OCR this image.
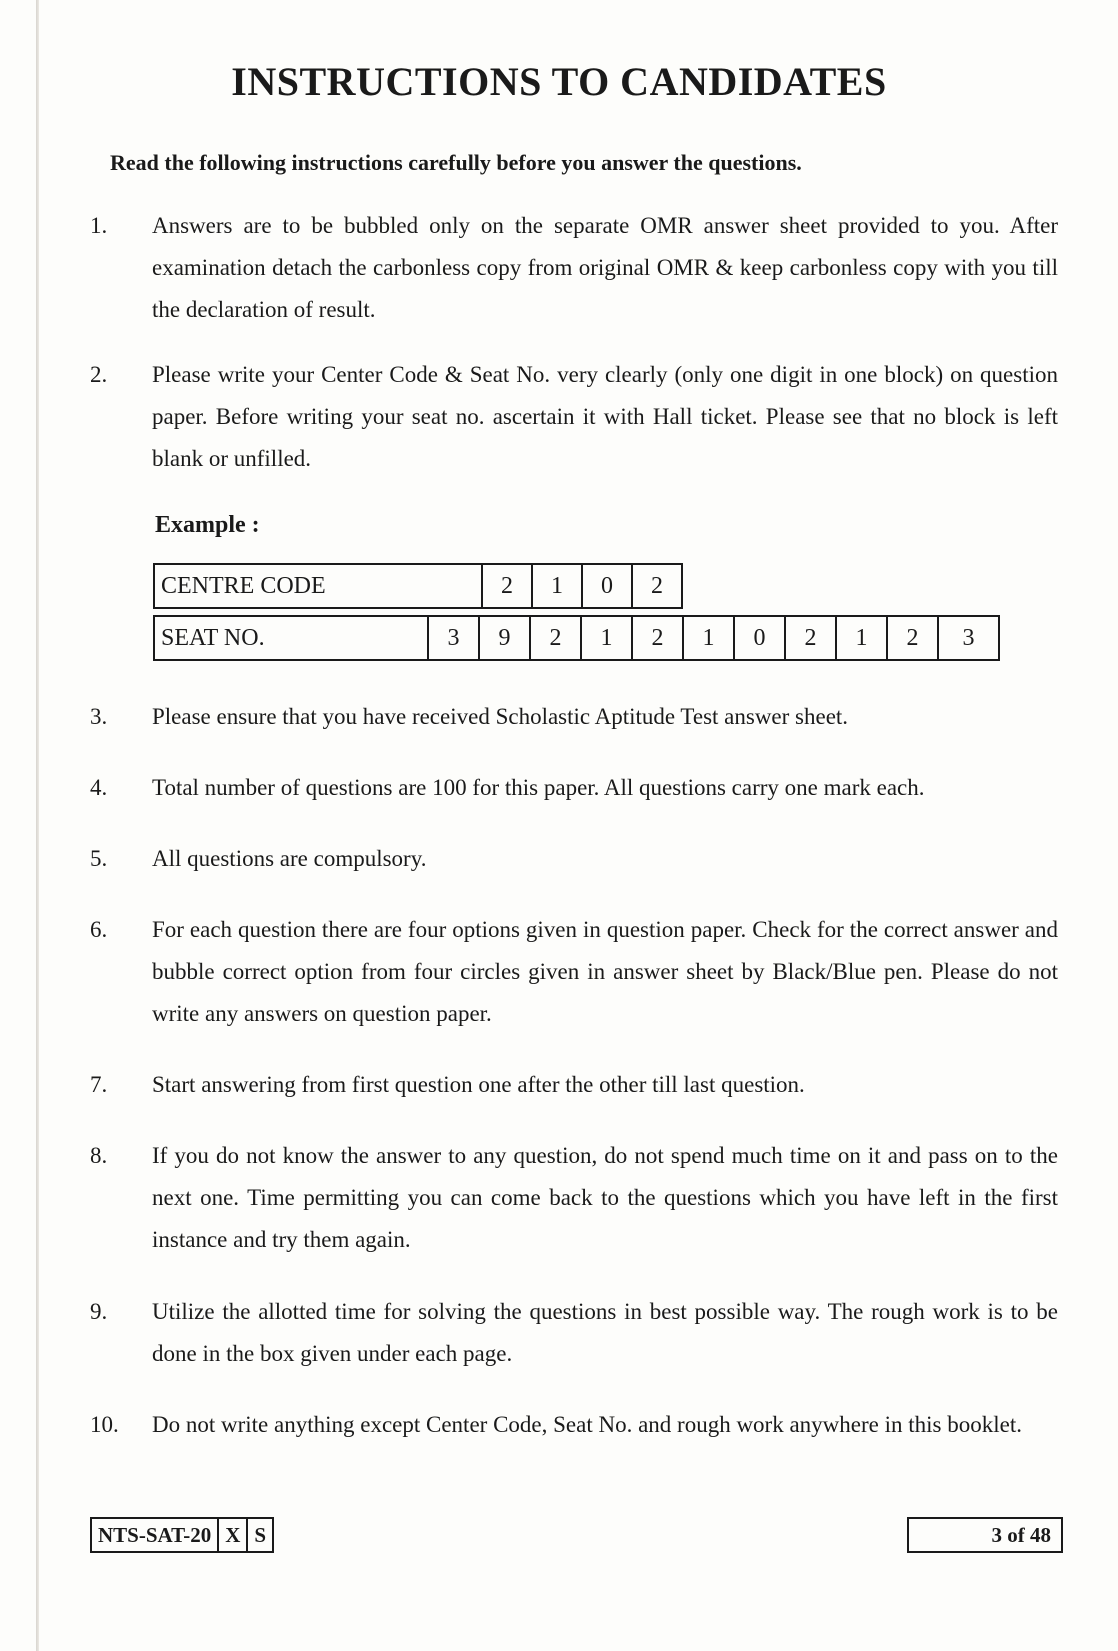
INSTRUCTIONS TO CANDIDATES
Read the following instructions carefully before you answer the questions.
1.	Answers are to be bubbled only on the separate OMR answer sheet provided to you. After examination detach the carbonless copy from original OMR & keep carbonless copy with you till the declaration of result.
2.	Please write your Center Code & Seat No. very clearly (only one digit in one block) on question paper. Before writing your seat no. ascertain it with Hall ticket. Please see that no block is left blank or unfilled.
Example :
CENTRE CODE	2	1	0	2
SEAT NO.	3	9	2	1	2	1	0	2	1	2	3
3.	Please ensure that you have received Scholastic Aptitude Test answer sheet.
4.	Total number of questions are 100 for this paper. All questions carry one mark each.
5.	All questions are compulsory.
6.	For each question there are four options given in question paper. Check for the correct answer and bubble correct option from four circles given in answer sheet by Black/Blue pen. Please do not write any answers on question paper.
7.	Start answering from first question one after the other till last question.
8.	If you do not know the answer to any question, do not spend much time on it and pass on to the next one. Time permitting you can come back to the questions which you have left in the first instance and try them again.
9.	Utilize the allotted time for solving the questions in best possible way. The rough work is to be done in the box given under each page.
10.	Do not write anything except Center Code, Seat No. and rough work anywhere in this booklet.
NTS-SAT-20	X	S	3 of 48
